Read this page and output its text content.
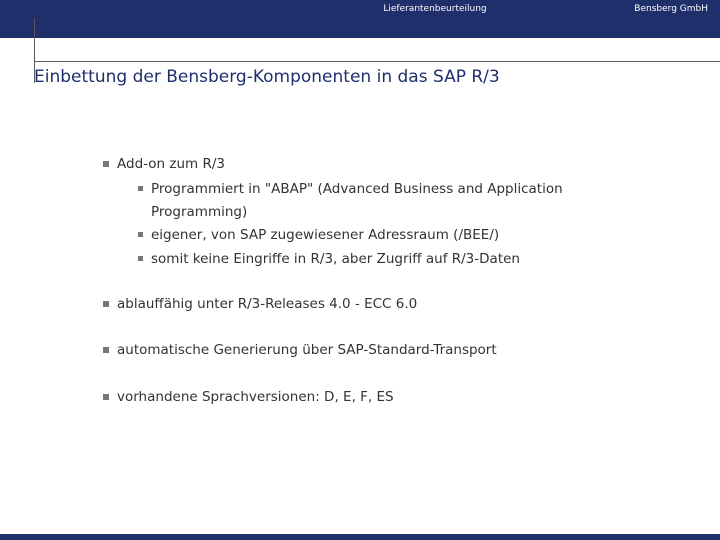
Lieferantenbeurteilung	Bensberg GmbH
Einbettung der Bensberg-Komponenten in das SAP R/3
Add-on zum R/3
Programmiert in "ABAP" (Advanced Business and Application
Programming)
eigener, von SAP zugewiesener Adressraum (/BEE/)
somit keine Eingriffe in R/3, aber Zugriff auf R/3-Daten
ablauffähig unter R/3-Releases 4.0 - ECC 6.0
automatische Generierung über SAP-Standard-Transport
vorhandene Sprachversionen: D, E, F, ES
